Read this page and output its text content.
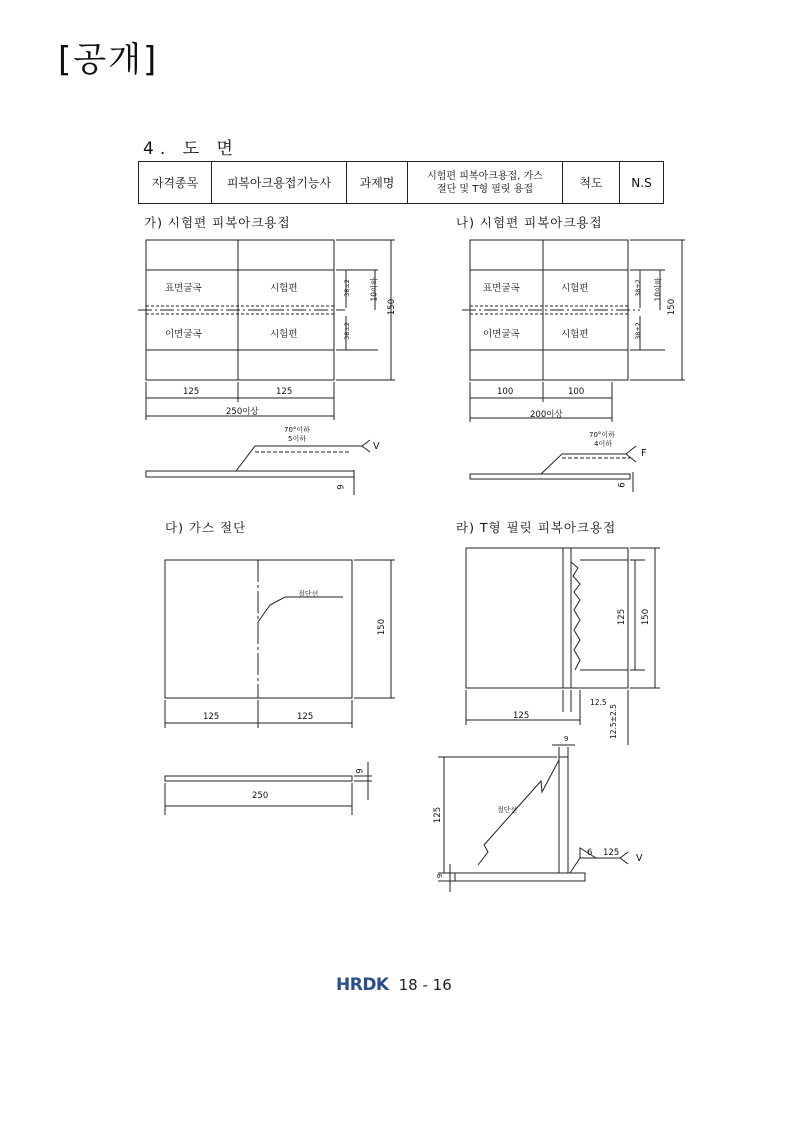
[공개]
4. 도 면
자격종목	피복아크용접기능사	과제명	시험편 피복아크용접, 가스
절단 및 T형 필릿 용접	척도	N.S
가) 시험편 피복아크용접	나) 시험편 피복아크용접
다) 가스 절단	라) T형 필릿 피복아크용접
표면굴곡	시험편
이면굴곡	시험편
125	125
250이상
150
10이하
38±2
38±2
70°이하
5이하
V
9
표면굴곡	시험편
이면굴곡	시험편
100	100
200이상
150
10이하
38±2
38±2
70°이하
4이하
F
6
절단선
125	125
150
250
9
125 150
125
12.5
12.5±2.5
9
125
9
절단선
6 125 V
HRDK 18 - 16
